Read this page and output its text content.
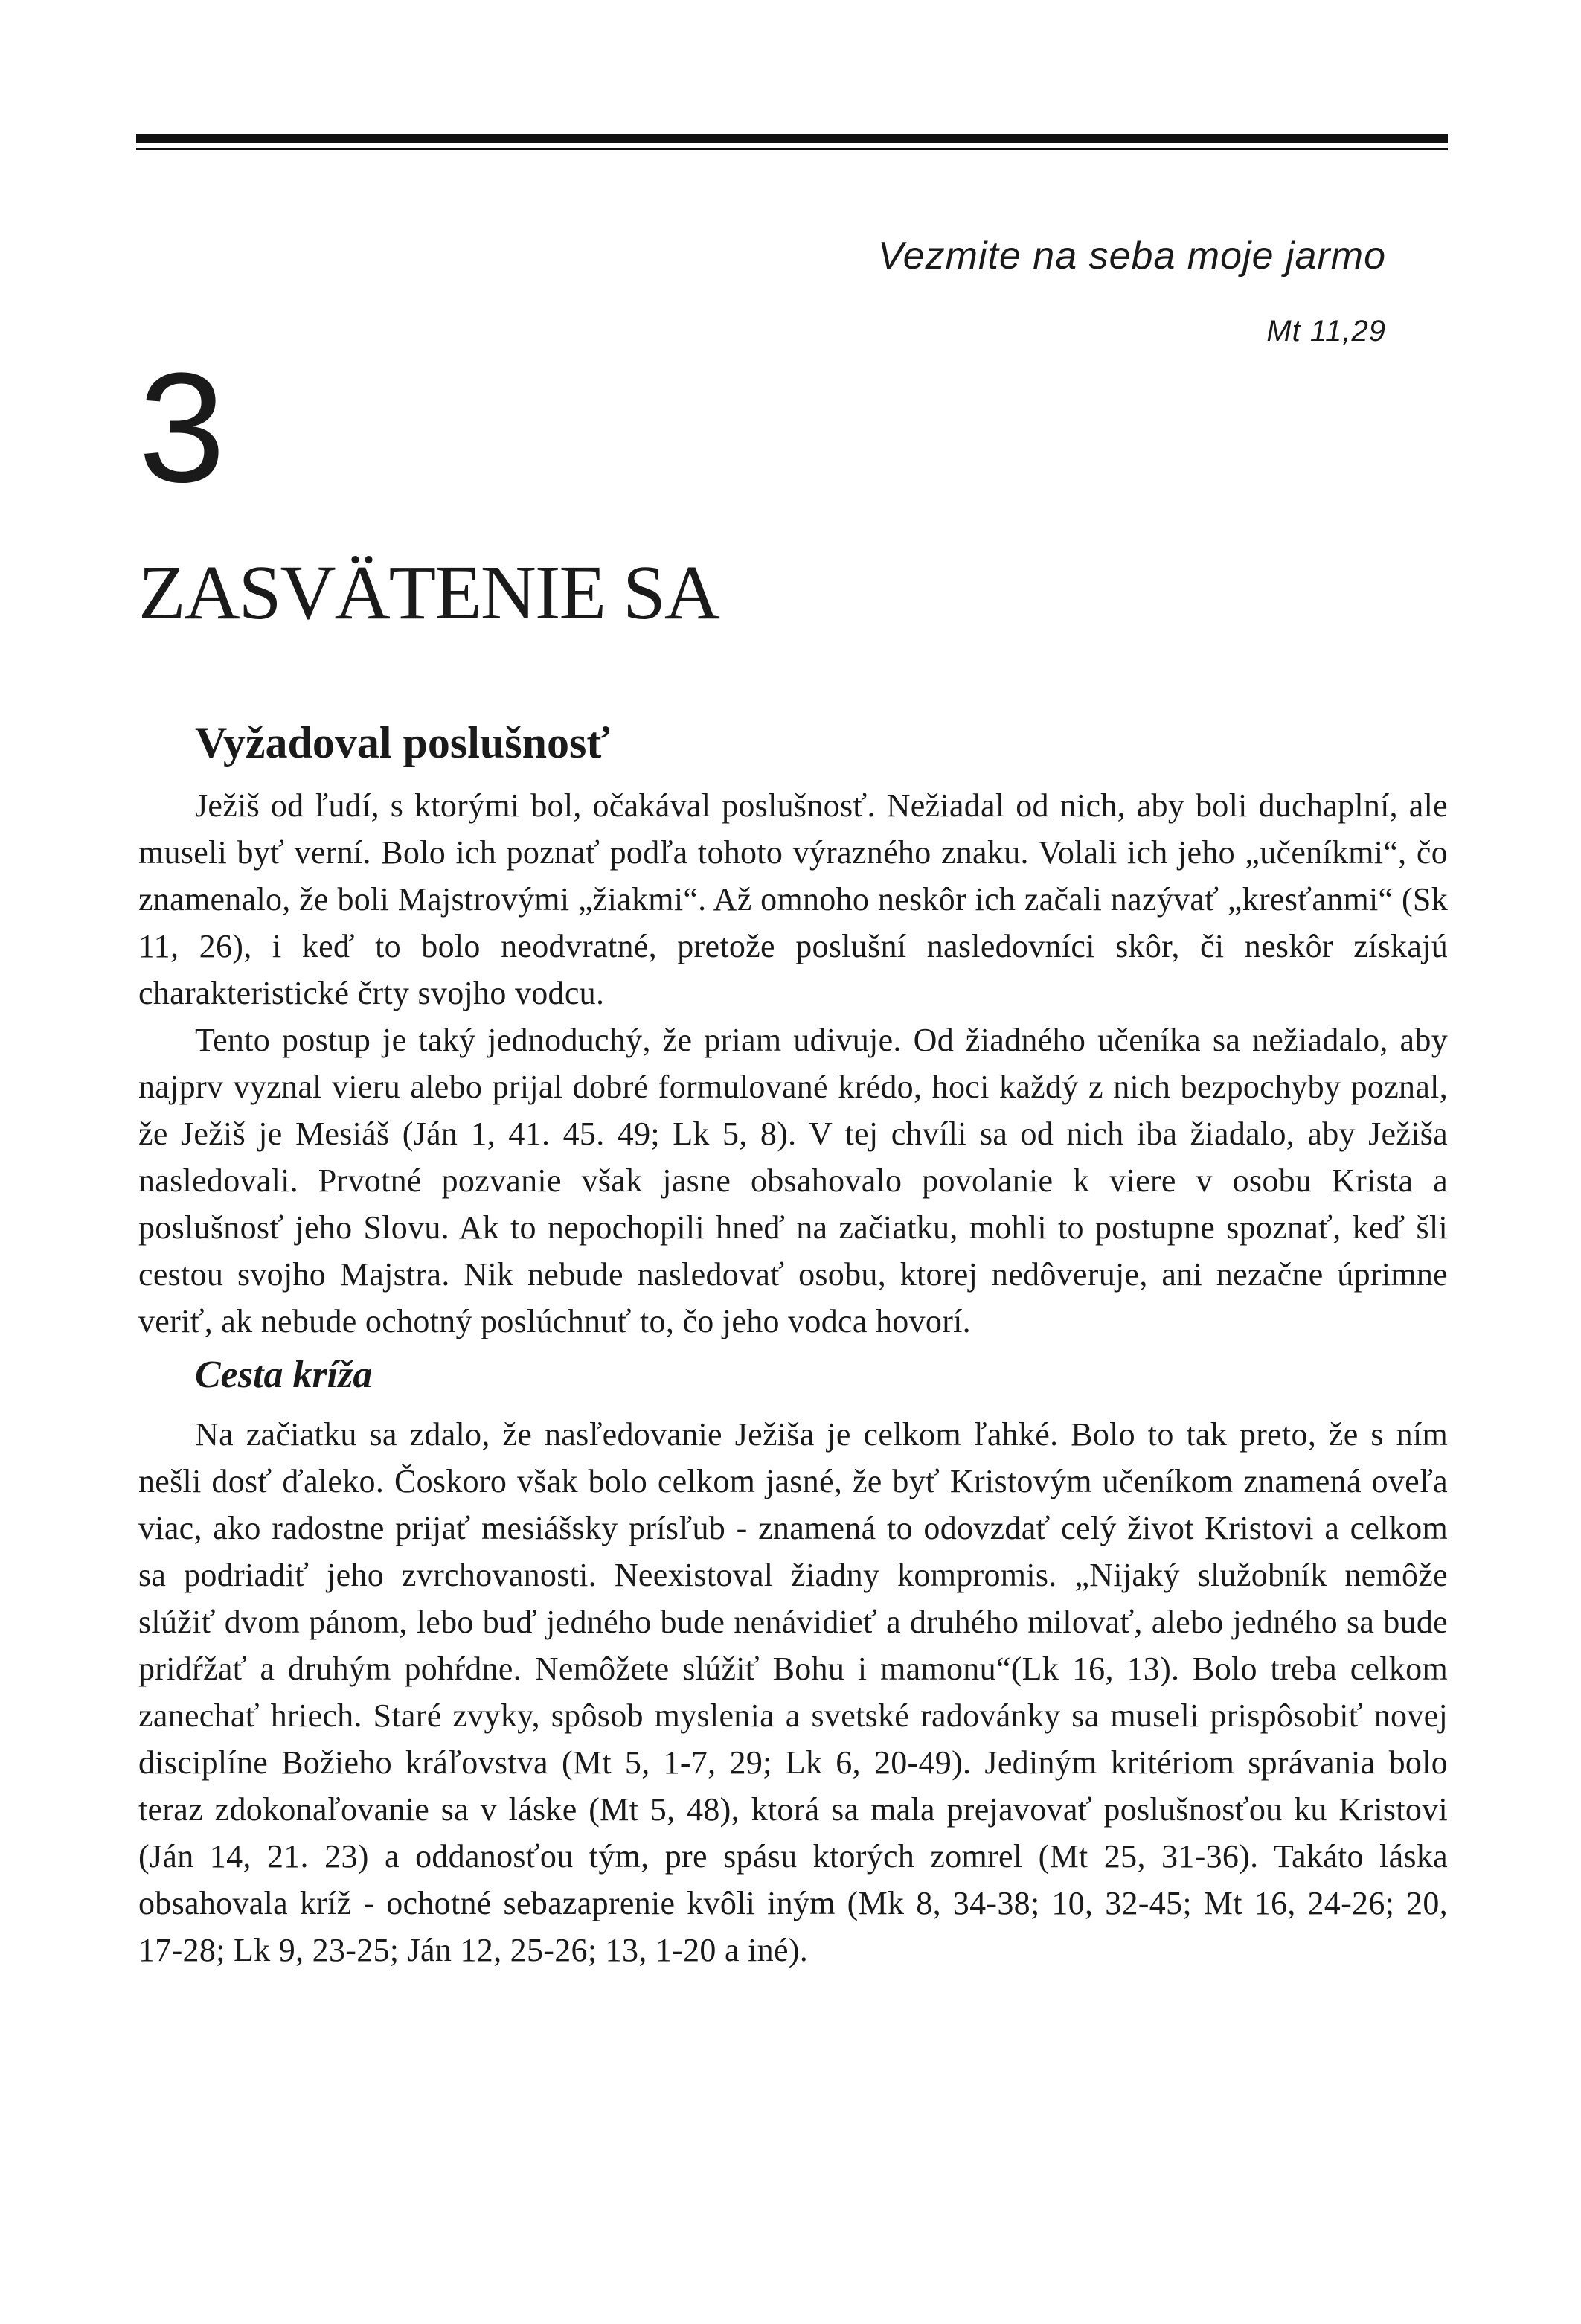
Vezmite na seba moje jarmo
Mt 11,29
3
ZASVÄTENIE SA
Vyžadoval poslušnosť

Ježiš od ľudí, s ktorými bol, očakával poslušnosť. Nežiadal od nich, aby boli duchaplní, ale museli byť verní. Bolo ich poznať podľa tohoto výrazného znaku. Volali ich jeho „učeníkmi“, čo znamenalo, že boli Majstrovými „žiakmi“. Až omnoho neskôr ich začali nazývať „kresťanmi“ (Sk 11, 26), i keď to bolo neodvratné, pretože poslušní nasledovníci skôr, či neskôr získajú charakteristické črty svojho vodcu.

Tento postup je taký jednoduchý, že priam udivuje. Od žiadného učeníka sa nežiadalo, aby najprv vyznal vieru alebo prijal dobré formulované krédo, hoci každý z nich bezpochyby poznal, že Ježiš je Mesiáš (Ján 1, 41. 45. 49; Lk 5, 8). V tej chvíli sa od nich iba žiadalo, aby Ježiša nasledovali. Prvotné pozvanie však jasne obsahovalo povolanie k viere v osobu Krista a poslušnosť jeho Slovu. Ak to nepochopili hneď na začiatku, mohli to postupne spoznať, keď šli cestou svojho Majstra. Nik nebude nasledovať osobu, ktorej nedôveruje, ani nezačne úprimne veriť, ak nebude ochotný poslúchnuť to, čo jeho vodca hovorí.

Cesta kríža

Na začiatku sa zdalo, že nasľedovanie Ježiša je celkom ľahké. Bolo to tak preto, že s ním nešli dosť ďaleko. Čoskoro však bolo celkom jasné, že byť Kristovým učeníkom znamená oveľa viac, ako radostne prijať mesiášsky prísľub - znamená to odovzdať celý život Kristovi a celkom sa podriadiť jeho zvrchovanosti. Neexistoval žiadny kompromis. „Nijaký služobník nemôže slúžiť dvom pánom, lebo buď jedného bude nenávidieť a druhého milovať, alebo jedného sa bude pridŕžať a druhým pohŕdne. Nemôžete slúžiť Bohu i mamonu“(Lk 16, 13). Bolo treba celkom zanechať hriech. Staré zvyky, spôsob myslenia a svetské radovánky sa museli prispôsobiť novej disciplíne Božieho kráľovstva (Mt 5, 1-7, 29; Lk 6, 20-49). Jediným kritériom správania bolo teraz zdokonaľovanie sa v láske (Mt 5, 48), ktorá sa mala prejavovať poslušnosťou ku Kristovi (Ján 14, 21. 23) a oddanosťou tým, pre spásu ktorých zomrel (Mt 25, 31-36). Takáto láska obsahovala kríž - ochotné sebazaprenie kvôli iným (Mk 8, 34-38; 10, 32-45; Mt 16, 24-26; 20, 17-28; Lk 9, 23-25; Ján 12, 25-26; 13, 1-20 a iné).
